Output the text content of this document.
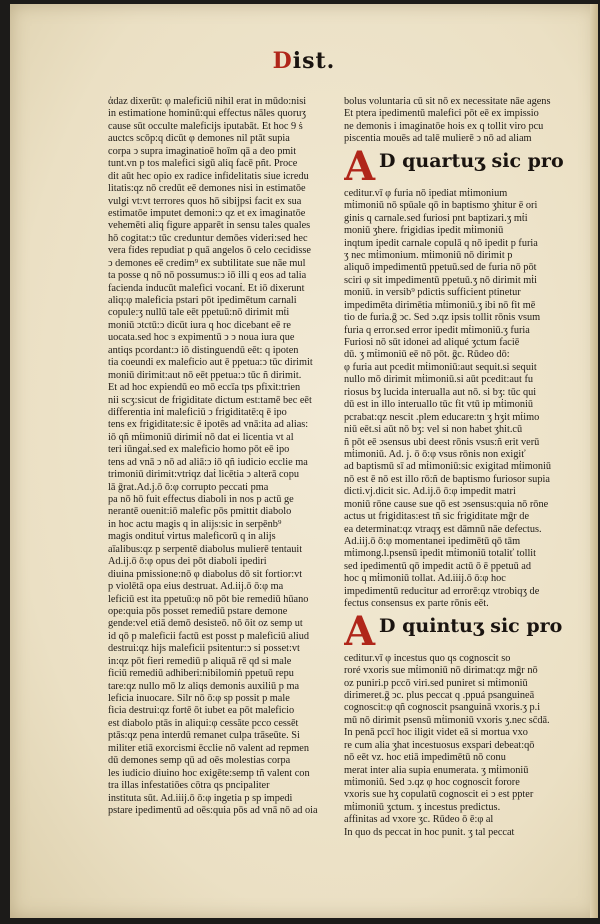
Dist.
ἀdaz dixerūt: φ maleficiū nihil erat in mūdo:nisi
in estimatione hominū:qui effectus nāles quoruʒ
cause sūt occulte maleficijs iputabāt. Et hoc 9 ṡ
auctcs scōp:q dicūt φ demones nil ptāt supia
corpa ↄ supra imaginatioē hoīm qā a deo pmit
tunt.vn p tos malefici sigū aliq facē pñt. Proce
dit aūt hec opio ex radice infidelitatis siue icredu
litatis:qz nō credūt eē demones nisi in estimatōe
vulgi vt:vt terrores quos hō sibijpsi facit ex sua
estimatōe imputet demoni:ↄ qz et ex imaginatōe
vehemēti aliq figure apparēt in sensu tales quales
hō cogitat:ↄ tūc creduntur demōes videri:sed hec
vera fides repudiat p quā angelos ō celo cecidisse
ↄ demones eē credim⁹ ex subtilitate sue nāe mul
ta posse q nō nō possumus:ↄ iō illi q eos ad talia
facienda inducūt malefici vocanṫ. Et iō dixerunt
aliq:φ maleficia pstari pōt ipedimētum carnali
copule:ʒ nullū tale eēt ppetuū:nō dirimit mṫi
moniū ↄtctū:ↄ dicūt iura q hoc dicebant eē re
uocata.sed hoc ɜ expimentū ↄ ↄ noua iura que
antiqs pcordant:ↄ iō distinguendū eēt: q ipoten
tia coeundi ex maleficio aut ē ppetua:ↄ tūc dirimit
moniū dirimit:aut nō eēt ppetua:ↄ tūc ñ dirimit.
Et ad hoc expiendū eo mō eccīa tps pfixit:trien
nii scʒ:sicut de frigiditate dictum est:tamē bec eēt
differentia inṫ maleficiū ↄ frigiditatē:q ē ipo
tens ex frigiditate:sic ē ipotēs ad vnā:ita ad alias:
iō qñ mṫimoniū dirimiṫ nō dat ei licentia vt al
teri iūngaṫ.sed ex maleficio homo pōt eē ipo
tens ad vnā ↄ nō ad aliā:ↄ iō qñ iudicio ecclie ma
trimoniū dirimit:vtriqz daṫ licētia ↄ alterā copu
lā ḡrat.Ad.j.ō ō:φ corrupto peccati pma
pa nō hō fuit effectus diaboli in nos p actū ge
nerantē ouenit:iō malefic pōs pmittit diabolo
in hoc actu magis q in alijs:sic in serpēnb⁹
magis ondituṫ virtus maleficorū q in alijs
aīalibus:qz p serpentē diabolus mulierē tentauit
Ad.ij.ō ō:φ opus dei pōt diaboli ipediri
diuina pmissione:nō φ diabolus dō sit fortior:vt
p violētā opa eius destruat. Ad.iij.ō ō:φ ma
leficiū est ita ppetuū:φ nō pōt bie remediū hūano
ope:quia pōs posset remediū pstare demone
gende:vel etiā demō desisteō. nō ōit oz semp ut
id qō p maleficii factū est posst p maleficiū aliud
destrui:qz hijs maleficii psitentur:ↄ si posset:vt
in:qz pōt fieri remediū p aliquā rē qd si male
ficiū remediū adhiberi:nibilomiṅ ppetuū repu
tare:qz nullo mō lz aliqs demonis auxiliū p ma
leficia inuocare. Silr nō ō:φ sp possit p male
ficia destrui:qz fortē ōt iubet ea pōt maleficio
est diabolo ptās in aliqui:φ cessāte pcco cessēt
ptās:qz pena interdū remanet culpa trāseūte. Si
militer etiā exorcismi ēcclie nō valent ad repmen
dū demones semp qū ad oēs molestias corpa
les iudicio diuino hoc exigēte:semp tñ valent con
tra illas infestatiōes cōtra qs pncipaliter
instituta sūt. Ad.iiij.ō ō:φ ingetia p sp impedi
pstare ipedimentū ad oēs:quia pōs ad vnā nō ad oia
bolus voluntaria cū sit nō ex necessitate nāe agens
Et ptera ipedimentū malefici pōt eē ex impissio
ne demonis i imaginatōe hois ex q tollit viro pcu
piscentia mouēs ad talē mulierē ↄ nō ad aliam
A D quartuʒ sic pro
ceditur.vī φ furia nō ipediat mṫimonium
mṫimoniū nō spūale qō in baptismo ʒhitur ē ori
ginis q carnale.sed furiosi pnt baptizari.ʒ mṫi
moniū ʒhere. frigidias ipedit mṫimoniū
inqtum ipedit carnale copulā q nō ipedit p furia
ʒ nec mṫimonium. mṫimoniū nō dirimit p
aliquō impedimentū ppetuū.sed de furia nō pōt
sciri φ sit impedimentū ppetuū.ʒ nō dirimit mṫi
moniū. in versib⁹ pdictis sufficient ptinetur
impedimēta dirimētia mṫimoniū.ʒ ibi nō fit mē
tio de furia.ḡ ↄc. Sed ↄ.qz ipsis tollit rōnis vsum
furia q error.sed error ipedit mṫimoniū.ʒ furia
Furiosi nō sūt idonei ad aliqué ʒctum faciē
dū. ʒ mṫimoniū eē nō pōt. ḡc. Rūdeo dō:
φ furia aut pcedit mṫimoniū:aut sequit.si sequit
nullo mō dirimit mṫimoniū.si aūt pcedit:aut fu
riosus bʒ lucida interualla aut nō. si bʒ: tūc qui
dū est in illo interuallo tūc fit vtū ip mṫimoniū
pcrabat:qz nescit .plem educare:tn ʒ hʒit mṫimo
niū eēt.si aūt nō bʒ: vel si non habet ʒhit.cū
ñ pōt eē ↄsensus ubi deest rōnis vsus:ñ erit verū
mṫimoniū. Ad. j. ō ō:φ vsus rōnis non exigiť
ad baptismū sī ad mṫimoniū:sic exigitad mṫimoniū
nō est ē nō est illo rō:ñ de baptismo furiosor supia
dicti.vj.dicit sic. Ad.ij.ō ō:φ impedit matri
moniū rōne cause sue qō est ↄsensus:quia nō rōne
actus ut frigiditas:est tñ sic frigiditate mḡr de
ea determinat:qz vtraqʒ est dāmnū nāe defectus.
Ad.iij.ō ō:φ momentanei ipedimētū qō tām
mṫimong.l.psensū ipedit mṫimoniū totaliť tollit
sed ipedimentū qō impedit actū ō ē ppetuū ad
hoc q mṫimoniū tollat. Ad.iiij.ō ō:φ hoc
impedimentū reducitur ad errorē:qz vtrobiqʒ de
fectus consensus ex parte rōnis eēt.
A D quintuʒ sic pro
ceditur.vī φ incestus quo qs cognoscit so
roré vxoris sue mṫimoniū nō dirimat:qz mḡr nō
oz puniri.p pccō viri.sed puniret si mṫimoniū
dirimeret.ḡ ↄc. plus peccat q .ppuá psanguineā
cognoscit:φ qñ cognoscit psanguinā vxoris.ʒ p.i
mū nō dirimit psensū mṫimoniū vxoris ʒ.nec sc̄dā.
In penā pccī hoc iligit videt eā si mortua vxo
re cum alia ʒhat incestuosus exspari debeat:qō
nō eēt vz. hoc etiā impedimētū nō conu
merat inter alia supia enumerata. ʒ mṫimoniū
mṫimoniū. Sed ↄ.qz φ hoc cognoscit forore
vxoris sue hʒ copulatū cognoscit ei ↄ est ppter
mṫimoniū ʒctum. ʒ incestus predictus.
affinitas ad vxore ʒc. Rūdeo ō ē:φ al
In quo ds peccat in hoc punit. ʒ tal peccat
